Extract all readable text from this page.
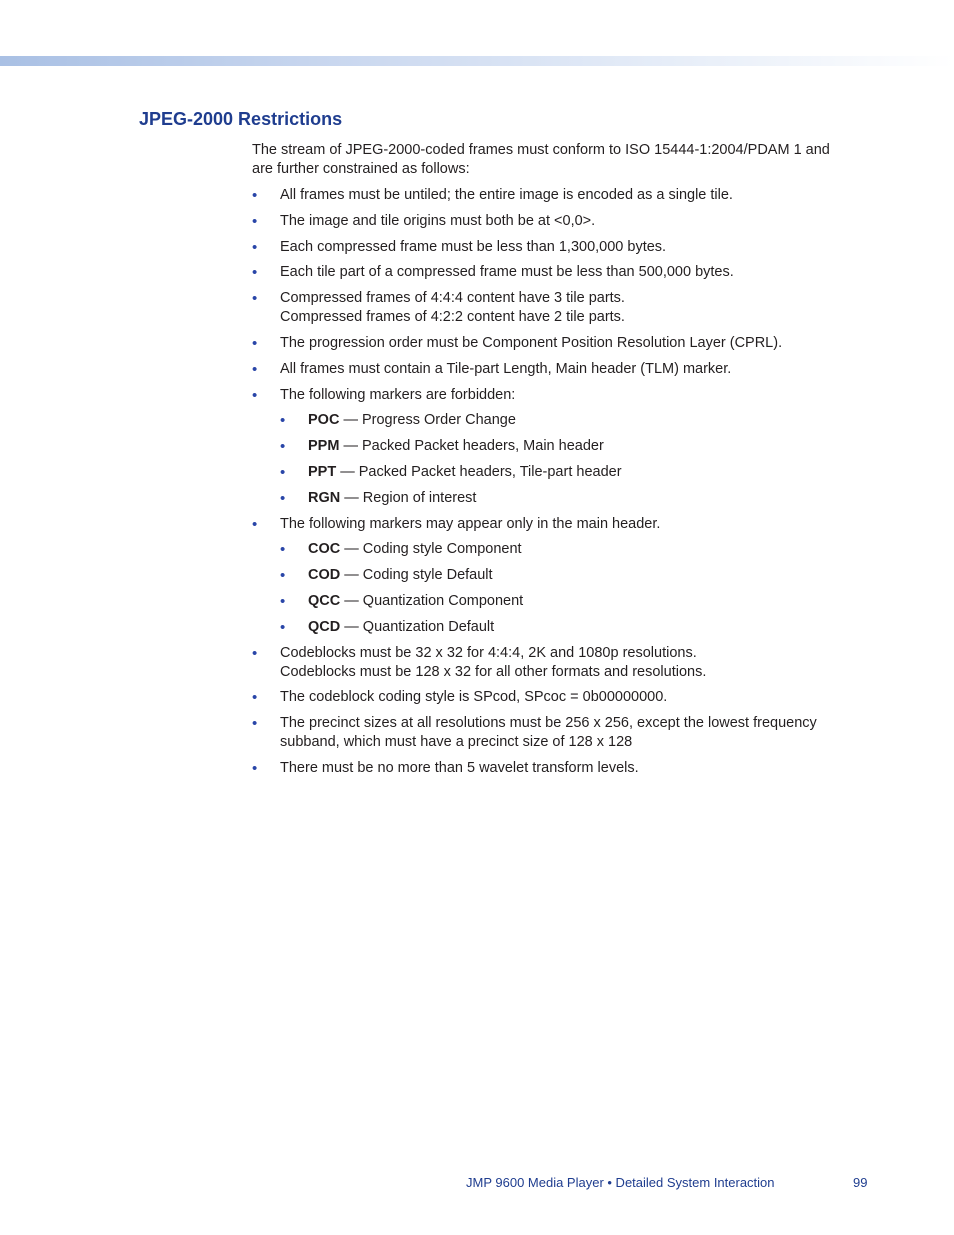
JPEG-2000 Restrictions

The stream of JPEG-2000-coded frames must conform to ISO 15444-1:2004/PDAM 1 and are further constrained as follows:

• All frames must be untiled; the entire image is encoded as a single tile.
• The image and tile origins must both be at <0,0>.
• Each compressed frame must be less than 1,300,000 bytes.
• Each tile part of a compressed frame must be less than 500,000 bytes.
• Compressed frames of 4:4:4 content have 3 tile parts.
Compressed frames of 4:2:2 content have 2 tile parts.
• The progression order must be Component Position Resolution Layer (CPRL).
• All frames must contain a Tile-part Length, Main header (TLM) marker.
• The following markers are forbidden:
• POC — Progress Order Change
• PPM — Packed Packet headers, Main header
• PPT — Packed Packet headers, Tile-part header
• RGN — Region of interest
• The following markers may appear only in the main header.
• COC — Coding style Component
• COD — Coding style Default
• QCC — Quantization Component
• QCD — Quantization Default
• Codeblocks must be 32 x 32 for 4:4:4, 2K and 1080p resolutions.
Codeblocks must be 128 x 32 for all other formats and resolutions.
• The codeblock coding style is SPcod, SPcoc = 0b00000000.
• The precinct sizes at all resolutions must be 256 x 256, except the lowest frequency subband, which must have a precinct size of 128 x 128
• There must be no more than 5 wavelet transform levels.
JMP 9600 Media Player • Detailed System Interaction	99
